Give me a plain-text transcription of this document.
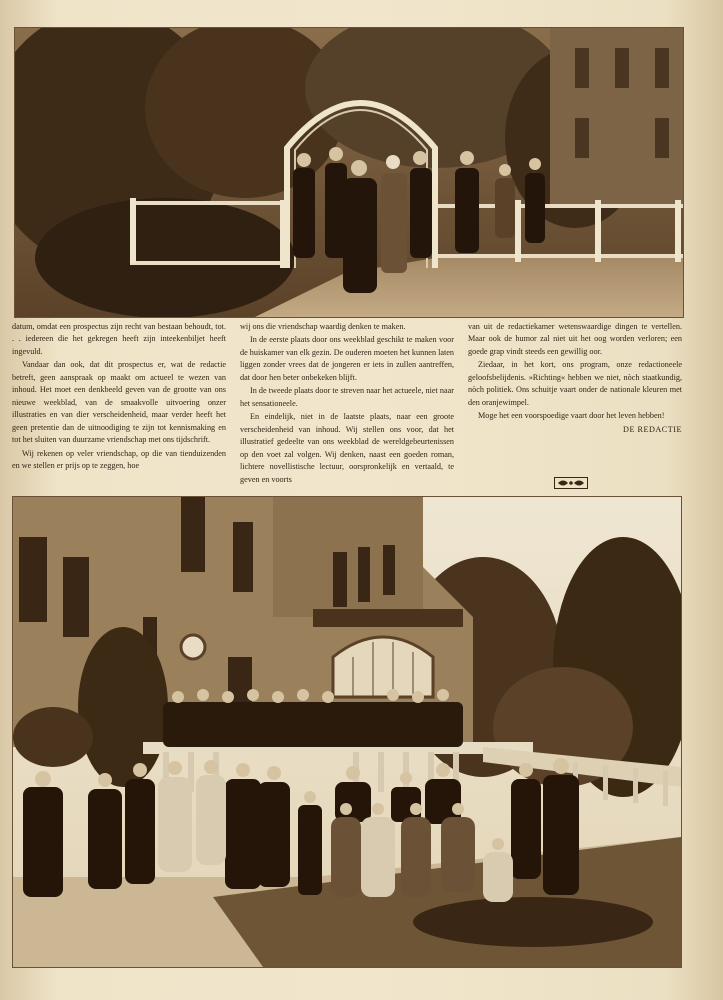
datum, omdat een prospectus zijn recht van bestaan behoudt, tot. . . iedereen die het gekregen heeft zijn inteekenbiljet heeft ingevuld.

Vandaar dan ook, dat dit prospectus er, wat de redactie betreft, geen aanspraak op maakt om actueel te wezen van inhoud. Het moet een denkbeeld geven van de grootte van ons nieuwe weekblad, van de smaakvolle uitvoering onzer illustraties en van dier verscheidenheid, maar verder heeft het geen pretentie dan de uitnoodiging te zijn tot kennismaking en tot het sluiten van duurzame vriendschap met ons tijdschrift.

Wij rekenen op veler vriendschap, op die van tienduizenden en we stellen er prijs op te zeggen, hoe

wij ons die vriendschap waardig denken te maken.

In de eerste plaats door ons weekblad geschikt te maken voor de huiskamer van elk gezin. De ouderen moeten het kunnen laten liggen zonder vrees dat de jongeren er iets in zullen aantreffen, dat door hen beter onbekeken blijft.

In de tweede plaats door te streven naar het actueele, niet naar het sensationeele.

En eindelijk, niet in de laatste plaats, naar een groote verscheidenheid van inhoud. Wij stellen ons voor, dat het illustratief gedeelte van ons weekblad de wereldgebeurtenissen op den voet zal volgen. Wij denken, naast een goeden roman, lichtere novellistische lectuur, oorspronkelijk en vertaald, te geven en voorts

van uit de redactiekamer wetenswaardige dingen te vertellen. Maar ook de humor zal niet uit het oog worden verloren; een goede grap vindt steeds een gewillig oor.

Ziedaar, in het kort, ons program, onze redactioneele geloofsbelijdenis. »Richting« hebben we niet, nòch staatkundig, nòch politiek. Ons schuitje vaart onder de nationale kleuren met den oranjewimpel.

Moge het een voorspoedige vaart door het leven hebben!

DE REDACTIE
